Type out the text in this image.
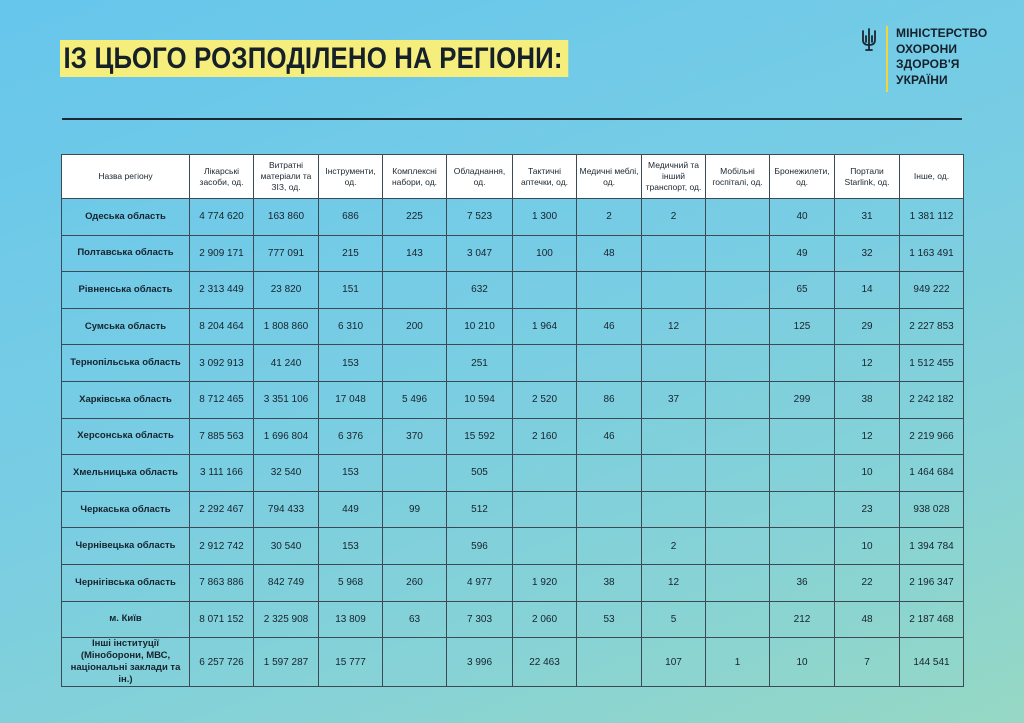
ІЗ ЦЬОГО РОЗПОДІЛЕНО НА РЕГІОНИ:
МІНІСТЕРСТВО
ОХОРОНИ
ЗДОРОВ'Я
УКРАЇНИ
Назва регіону	Лікарські засоби, од.	Витратні матеріали та ЗІЗ, од.	Інструменти, од.	Комплексні набори, од.	Обладнання, од.	Тактичні аптечки, од.	Медичні меблі, од.	Медичний та інший транспорт, од.	Мобільні госпіталі, од.	Бронежилети, од.	Портали Starlink, од.	Інше, од.
Одеська область	4 774 620	163 860	686	225	7 523	1 300	2	2		40	31	1 381 112
Полтавська область	2 909 171	777 091	215	143	3 047	100	48			49	32	1 163 491
Рівненська область	2 313 449	23 820	151		632					65	14	949 222
Сумська область	8 204 464	1 808 860	6 310	200	10 210	1 964	46	12		125	29	2 227 853
Тернопільська область	3 092 913	41 240	153		251						12	1 512 455
Харківська область	8 712 465	3 351 106	17 048	5 496	10 594	2 520	86	37		299	38	2 242 182
Херсонська область	7 885 563	1 696 804	6 376	370	15 592	2 160	46				12	2 219 966
Хмельницька область	3 111 166	32 540	153		505						10	1 464 684
Черкаська область	2 292 467	794 433	449	99	512						23	938 028
Чернівецька область	2 912 742	30 540	153		596			2			10	1 394 784
Чернігівська область	7 863 886	842 749	5 968	260	4 977	1 920	38	12		36	22	2 196 347
м. Київ	8 071 152	2 325 908	13 809	63	7 303	2 060	53	5		212	48	2 187 468
Інші інституції (Міноборони, МВС, національні заклади та ін.)	6 257 726	1 597 287	15 777		3 996	22 463		107	1	10	7	144 541
